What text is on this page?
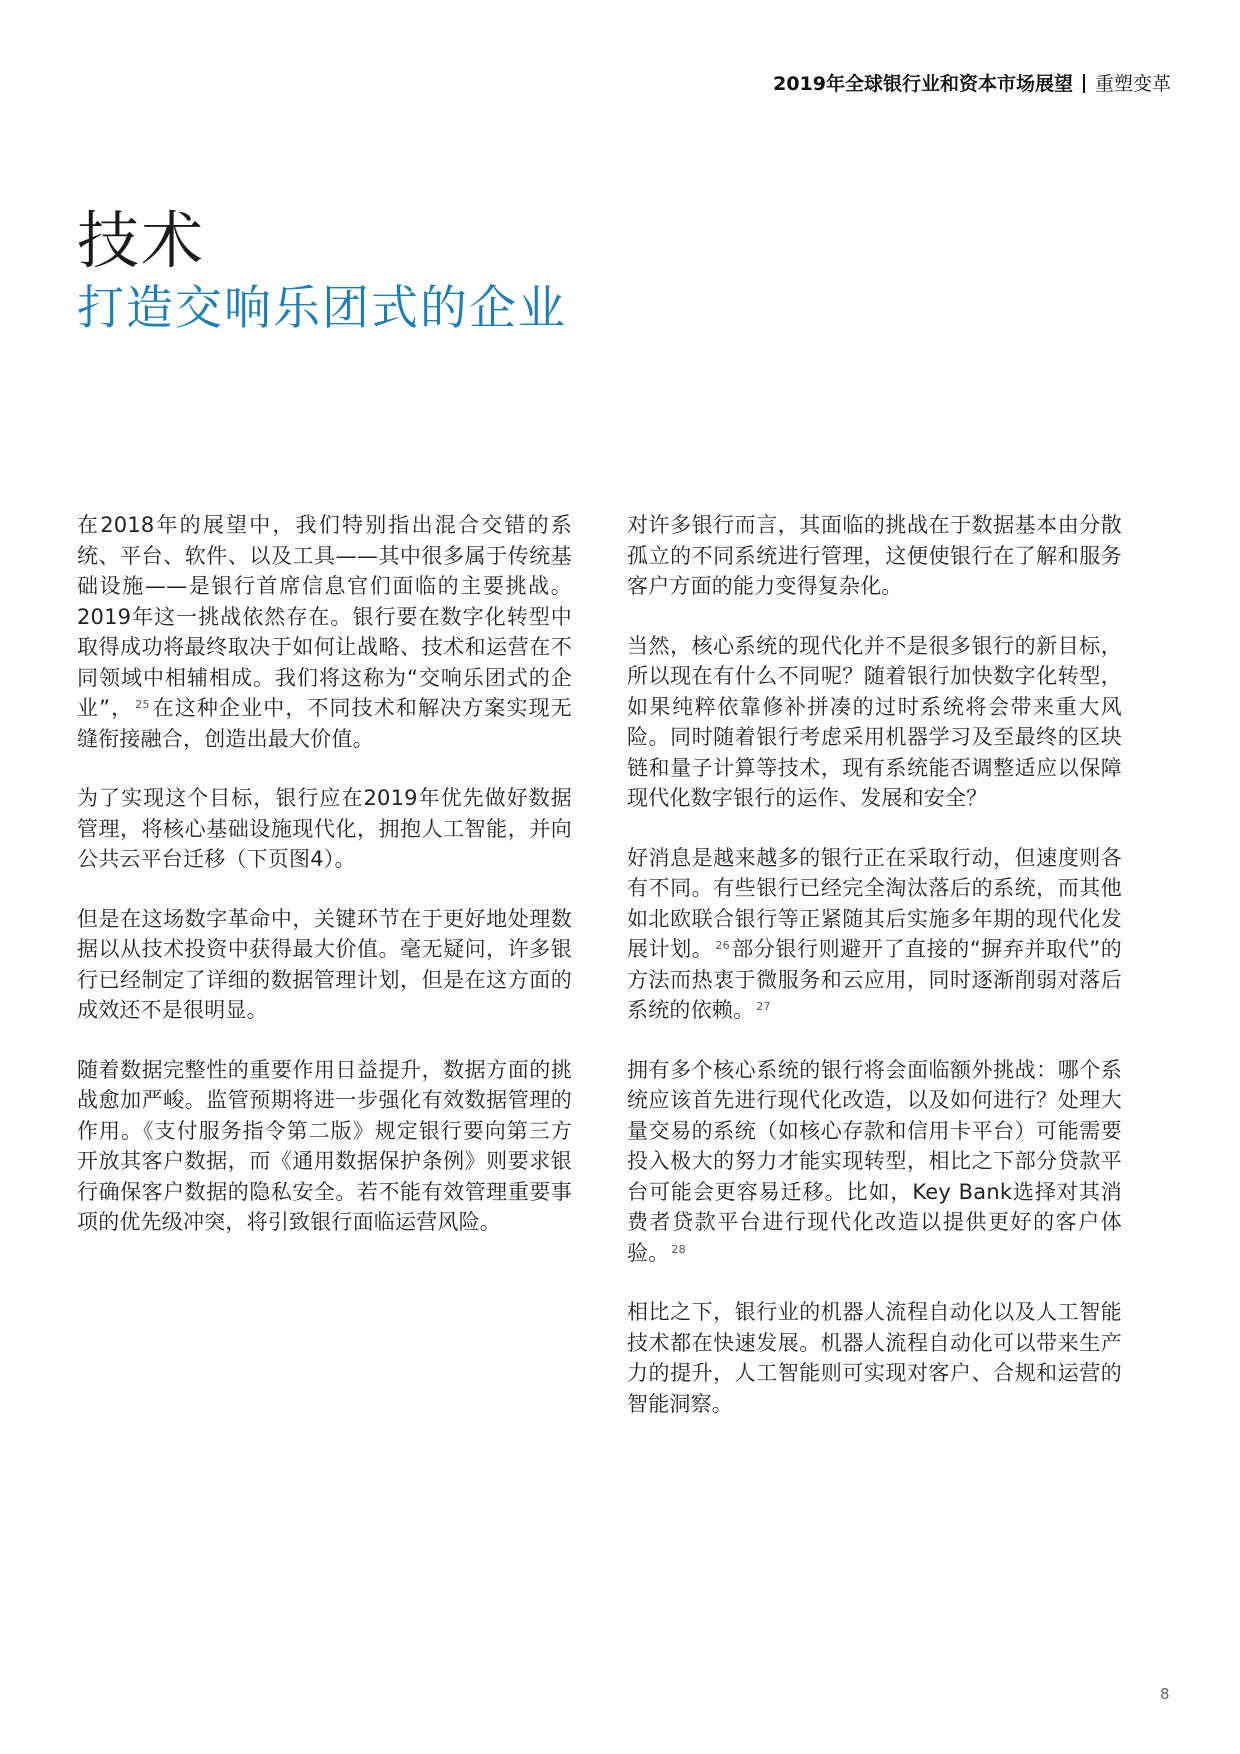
2019年全球银行业和资本市场展望 重塑变革
技术
打造交响乐团式的企业

在2018年的展望中，我们特别指出混合交错的系统、平台、软件、以及工具——其中很多属于传统基础设施——是银行首席信息官们面临的主要挑战。2019年这一挑战依然存在。银行要在数字化转型中取得成功将最终取决于如何让战略、技术和运营在不同领域中相辅相成。我们将这称为“交响乐团式的企业”， $^{25}$在这种企业中，不同技术和解决方案实现无缝衔接融合，创造出最大价值。

为了实现这个目标，银行应在2019年优先做好数据管理，将核心基础设施现代化，拥抱人工智能，并向公共云平台迁移（下页图4）。

但是在这场数字革命中，关键环节在于更好地处理数据以从技术投资中获得最大价值。毫无疑问，许多银行已经制定了详细的数据管理计划，但是在这方面的成效还不是很明显。

随着数据完整性的重要作用日益提升，数据方面的挑战愈加严峻。监管预期将进一步强化有效数据管理的作用。《支付服务指令第二版》规定银行要向第三方开放其客户数据，而《通用数据保护条例》则要求银行确保客户数据的隐私安全。若不能有效管理重要事项的优先级冲突，将引致银行面临运营风险。

对许多银行而言，其面临的挑战在于数据基本由分散孤立的不同系统进行管理，这便使银行在了解和服务客户方面的能力变得复杂化。

当然，核心系统的现代化并不是很多银行的新目标，所以现在有什么不同呢？随着银行加快数字化转型，如果纯粹依靠修补拼凑的过时系统将会带来重大风险。同时随着银行考虑采用机器学习及至最终的区块链和量子计算等技术，现有系统能否调整适应以保障现代化数字银行的运作、发展和安全？

好消息是越来越多的银行正在采取行动，但速度则各有不同。有些银行已经完全淘汰落后的系统，而其他如北欧联合银行等正紧随其后实施多年期的现代化发展计划。 $^{26}$部分银行则避开了直接的“摒弃并取代”的方法而热衷于微服务和云应用，同时逐渐削弱对落后系统的依赖。 $^{27}$

拥有多个核心系统的银行将会面临额外挑战：哪个系统应该首先进行现代化改造，以及如何进行？处理大量交易的系统（如核心存款和信用卡平台）可能需要投入极大的努力才能实现转型，相比之下部分贷款平台可能会更容易迁移。比如，Key Bank选择对其消费者贷款平台进行现代化改造以提供更好的客户体验。 $^{28}$

相比之下，银行业的机器人流程自动化以及人工智能技术都在快速发展。机器人流程自动化可以带来生产力的提升，人工智能则可实现对客户、合规和运营的智能洞察。

8
